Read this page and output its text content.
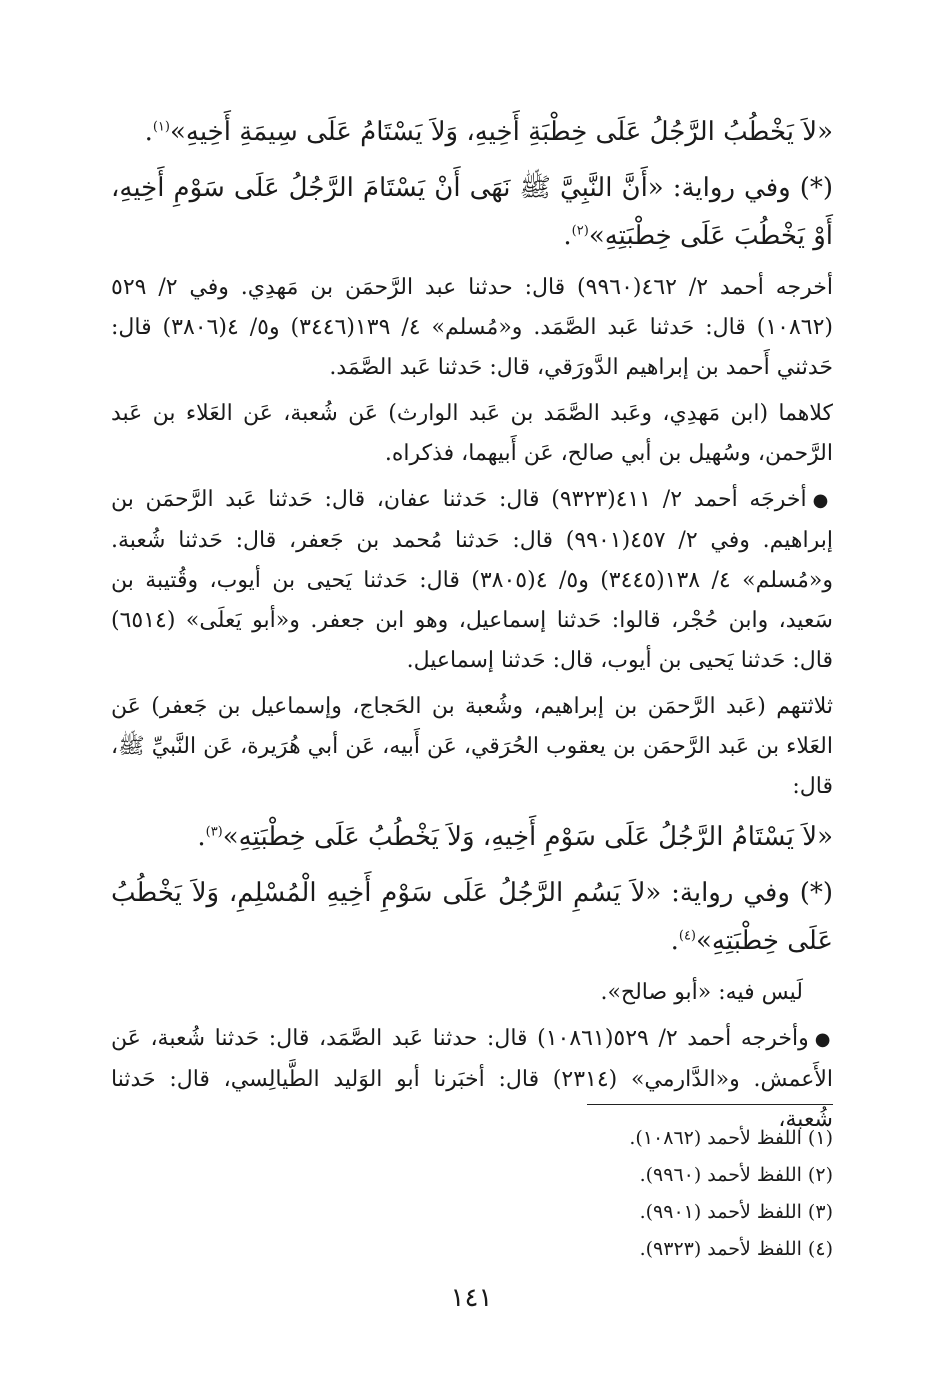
«لاَ يَخْطُبُ الرَّجُلُ عَلَى خِطْبَةِ أَخِيهِ، وَلاَ يَسْتَامُ عَلَى سِيمَةِ أَخِيهِ»$^{(١)}$.

(*) وفي رواية: «أَنَّ النَّبِيَّ ﷺ نَهَى أَنْ يَسْتَامَ الرَّجُلُ عَلَى سَوْمِ أَخِيهِ، أَوْ يَخْطُبَ عَلَى خِطْبَتِهِ»$^{(٢)}$.

أخرجه أحمد ٢/ ٤٦٢(٩٩٦٠) قال: حدثنا عبد الرَّحمَن بن مَهدِي. وفي ٢/ ٥٢٩ (١٠٨٦٢) قال: حَدثنا عَبد الصَّمَد. و«مُسلم» ٤/ ١٣٩(٣٤٤٦) و٥/ ٤(٣٨٠٦) قال: حَدثني أَحمد بن إبراهيم الدَّورَقي، قال: حَدثنا عَبد الصَّمَد.

كلاهما (ابن مَهدِي، وعَبد الصَّمَد بن عَبد الوارث) عَن شُعبة، عَن العَلاء بن عَبد الرَّحمن، وسُهيل بن أبي صالح، عَن أَبيهما، فذكراه.

●أخرجَه أحمد ٢/ ٤١١(٩٣٢٣) قال: حَدثنا عفان، قال: حَدثنا عَبد الرَّحمَن بن إبراهيم. وفي ٢/ ٤٥٧(٩٩٠١) قال: حَدثنا مُحمد بن جَعفر، قال: حَدثنا شُعبة. و«مُسلم» ٤/ ١٣٨(٣٤٤٥) و٥/ ٤(٣٨٠٥) قال: حَدثنا يَحيى بن أيوب، وقُتيبة بن سَعيد، وابن حُجْر، قالوا: حَدثنا إسماعيل، وهو ابن جعفر. و«أبو يَعلَى» (٦٥١٤) قال: حَدثنا يَحيى بن أيوب، قال: حَدثنا إسماعيل.

ثلاثتهم (عَبد الرَّحمَن بن إبراهيم، وشُعبة بن الحَجاج، وإسماعيل بن جَعفر) عَن العَلاء بن عَبد الرَّحمَن بن يعقوب الحُرَقي، عَن أَبيه، عَن أبي هُرَيرة، عَن النَّبيِّ ﷺ، قال:

«لاَ يَسْتَامُ الرَّجُلُ عَلَى سَوْمِ أَخِيهِ، وَلاَ يَخْطُبُ عَلَى خِطْبَتِهِ»$^{(٣)}$.

(*) وفي رواية: «لاَ يَسُمِ الرَّجُلُ عَلَى سَوْمِ أَخِيهِ الْمُسْلِمِ، وَلاَ يَخْطُبُ عَلَى خِطْبَتِهِ»$^{(٤)}$.

لَيس فيه: «أبو صالح».

●وأخرجه أحمد ٢/ ٥٢٩(١٠٨٦١) قال: حدثنا عَبد الصَّمَد، قال: حَدثنا شُعبة، عَن الأَعمش. و«الدَّارمي» (٢٣١٤) قال: أخبَرنا أبو الوَليد الطَّيالِسي، قال: حَدثنا شُعبة،

(١) اللفظ لأحمد (١٠٨٦٢).

(٢) اللفظ لأحمد (٩٩٦٠).

(٣) اللفظ لأحمد (٩٩٠١).

(٤) اللفظ لأحمد (٩٣٢٣).

١٤١
